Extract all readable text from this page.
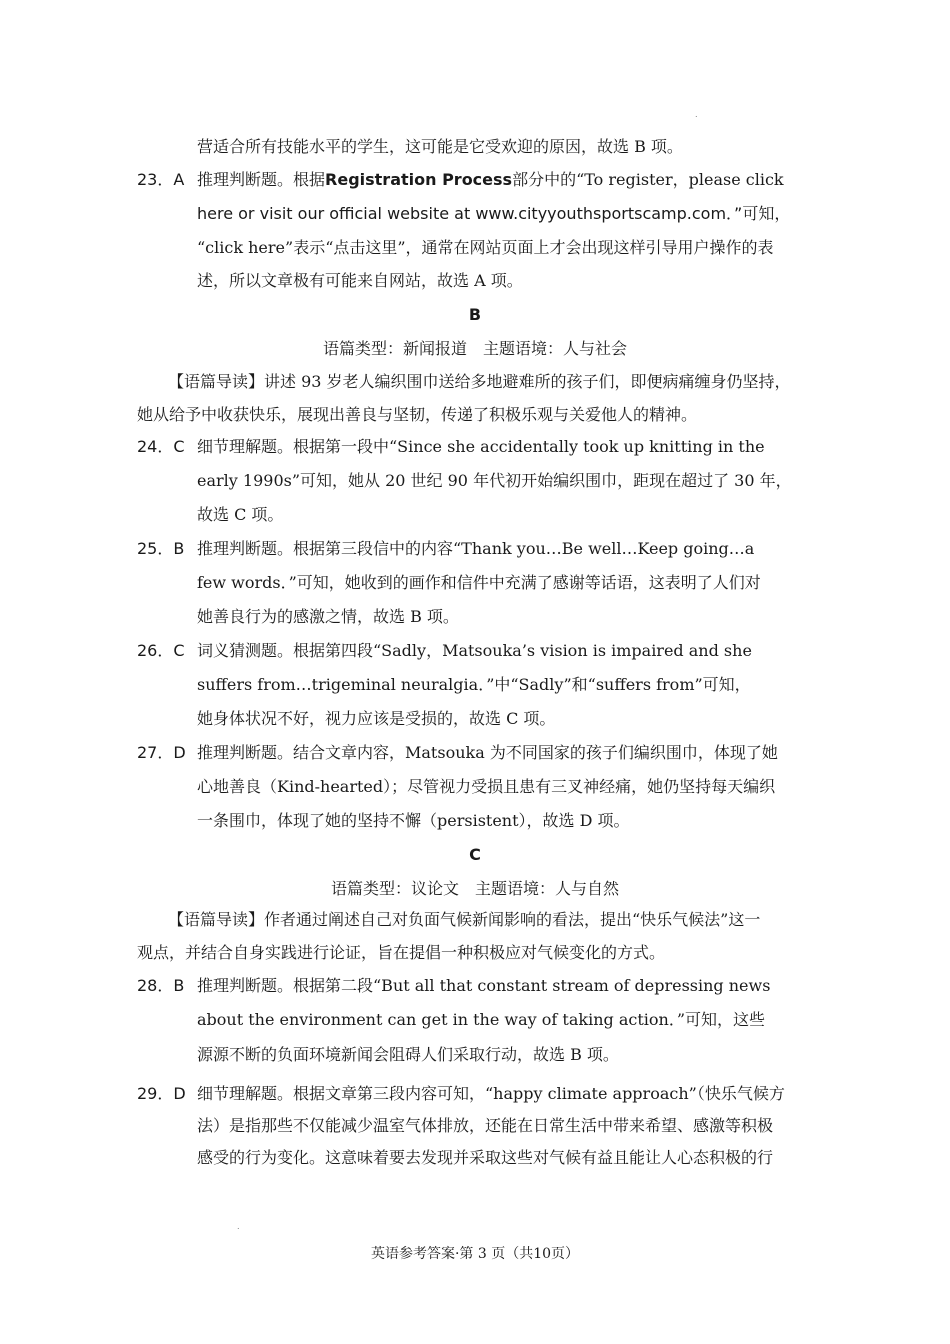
.
营适合所有技能水平的学生，这可能是它受欢迎的原因，故选 B 项。
23．A 推理判断题。根据Registration Process部分中的“To register，please click
here or visit our official website at www.cityyouthsportscamp.com．”可知，
“click here”表示“点击这里”，通常在网站页面上才会出现这样引导用户操作的表
述，所以文章极有可能来自网站，故选 A 项。
B
语篇类型：新闻报道　主题语境：人与社会
【语篇导读】讲述 93 岁老人编织围巾送给多地避难所的孩子们，即便病痛缠身仍坚持，
她从给予中收获快乐，展现出善良与坚韧，传递了积极乐观与关爱他人的精神。
24．C 细节理解题。根据第一段中“Since she accidentally took up knitting in the
early 1990s”可知，她从 20 世纪 90 年代初开始编织围巾，距现在超过了 30 年，
故选 C 项。
25．B 推理判断题。根据第三段信中的内容“Thank you…Be well…Keep going…a
few words．”可知，她收到的画作和信件中充满了感谢等话语，这表明了人们对
她善良行为的感激之情，故选 B 项。
26．C 词义猜测题。根据第四段“Sadly，Matsouka’s vision is impaired and she
suffers from…trigeminal neuralgia．”中“Sadly”和“suffers from”可知，
她身体状况不好，视力应该是受损的，故选 C 项。
27．D 推理判断题。结合文章内容，Matsouka 为不同国家的孩子们编织围巾，体现了她
心地善良（Kind-hearted）；尽管视力受损且患有三叉神经痛，她仍坚持每天编织
一条围巾，体现了她的坚持不懈（persistent），故选 D 项。
C
语篇类型：议论文　主题语境：人与自然
【语篇导读】作者通过阐述自己对负面气候新闻影响的看法，提出“快乐气候法”这一
观点，并结合自身实践进行论证，旨在提倡一种积极应对气候变化的方式。
28．B 推理判断题。根据第二段“But all that constant stream of depressing news
about the environment can get in the way of taking action．”可知，这些
源源不断的负面环境新闻会阻碍人们采取行动，故选 B 项。
29．D 细节理解题。根据文章第三段内容可知，“happy climate approach”（快乐气候方
法）是指那些不仅能减少温室气体排放，还能在日常生活中带来希望、感激等积极
感受的行为变化。这意味着要去发现并采取这些对气候有益且能让人心态积极的行
.
英语参考答案·第 3 页（共10页）
